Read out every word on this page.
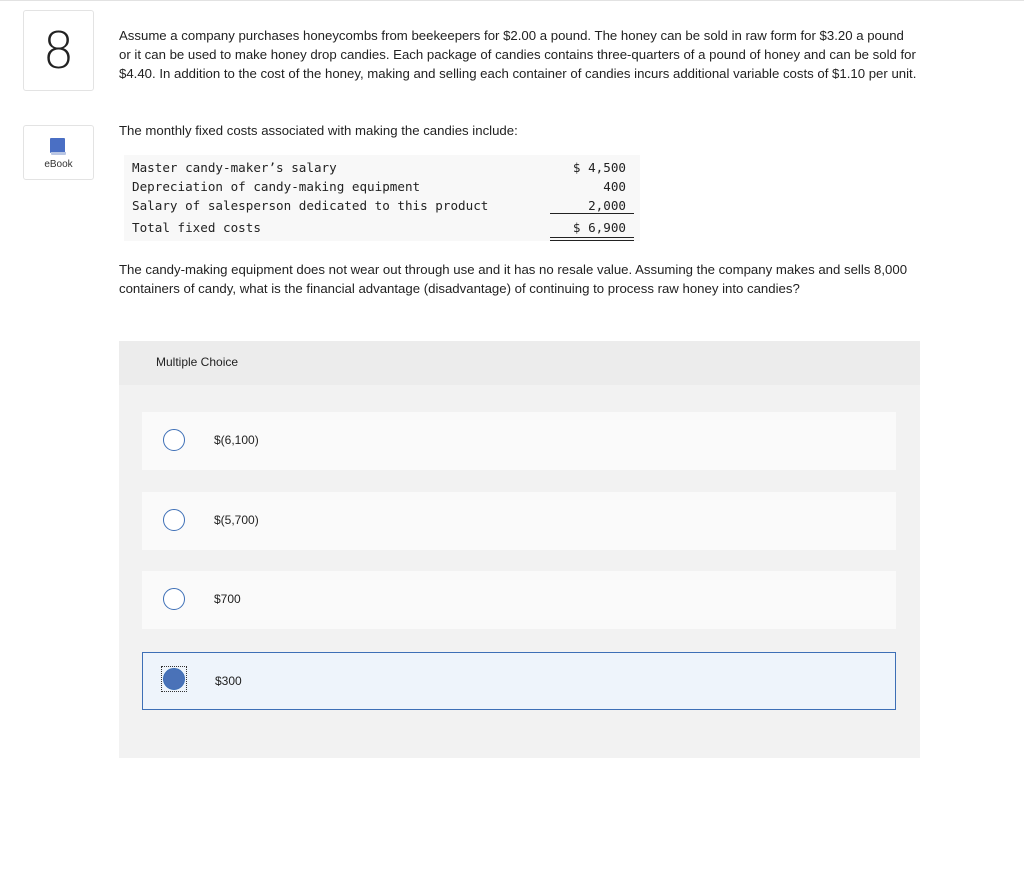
8
eBook

Assume a company purchases honeycombs from beekeepers for $2.00 a pound. The honey can be sold in raw form for $3.20 a pound or it can be used to make honey drop candies. Each package of candies contains three-quarters of a pound of honey and can be sold for $4.40. In addition to the cost of the honey, making and selling each container of candies incurs additional variable costs of $1.10 per unit.

The monthly fixed costs associated with making the candies include:
Master candy-maker’s salary	$ 4,500
Depreciation of candy-making equipment	400
Salary of salesperson dedicated to this product	2,000
Total fixed costs	$ 6,900
The candy-making equipment does not wear out through use and it has no resale value. Assuming the company makes and sells 8,000 containers of candy, what is the financial advantage (disadvantage) of continuing to process raw honey into candies?
Multiple Choice
$(6,100)
$(5,700)
$700
$300
